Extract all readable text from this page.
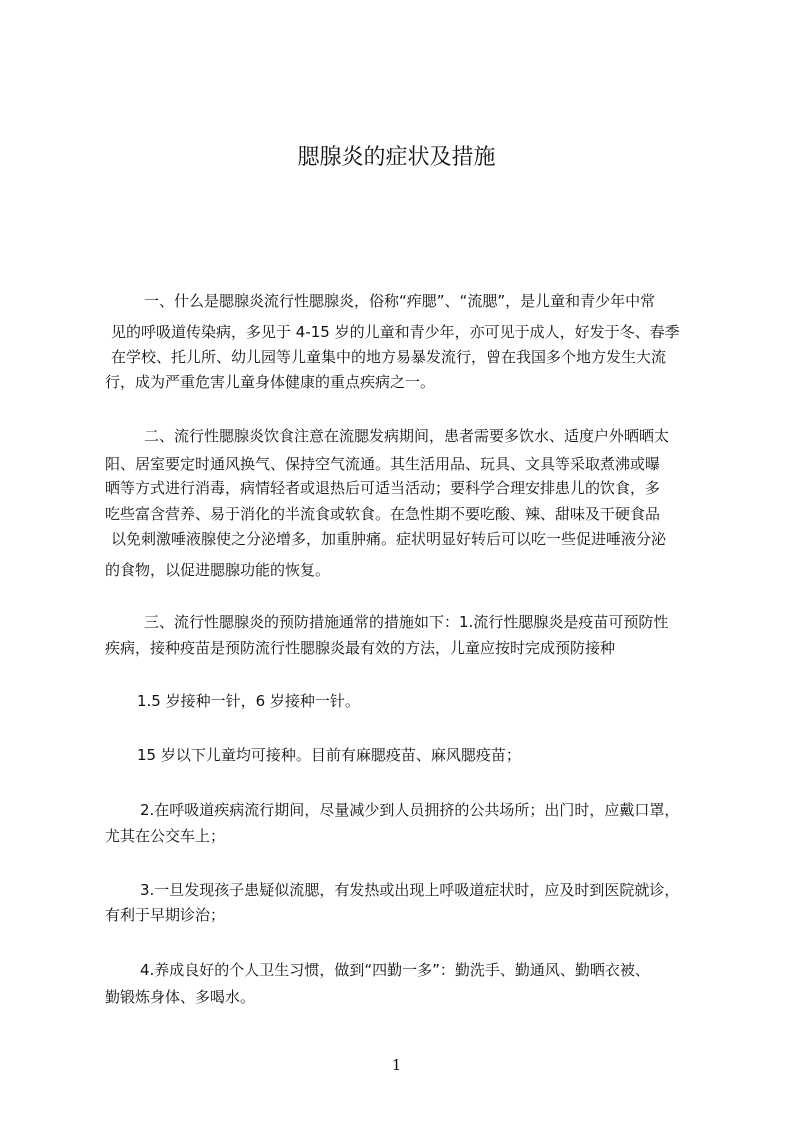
腮腺炎的症状及措施
一、什么是腮腺炎流行性腮腺炎，俗称“痄腮”、“流腮”，是儿童和青少年中常
见的呼吸道传染病，多见于 4-15 岁的儿童和青少年，亦可见于成人，好发于冬、春季
在学校、托儿所、幼儿园等儿童集中的地方易暴发流行，曾在我国多个地方发生大流
行，成为严重危害儿童身体健康的重点疾病之一。
二、流行性腮腺炎饮食注意在流腮发病期间，患者需要多饮水、适度户外晒晒太
阳、居室要定时通风换气、保持空气流通。其生活用品、玩具、文具等采取煮沸或曝
晒等方式进行消毒，病情轻者或退热后可适当活动；要科学合理安排患儿的饮食，多
吃些富含营养、易于消化的半流食或软食。在急性期不要吃酸、辣、甜味及干硬食品
以免刺激唾液腺使之分泌增多，加重肿痛。症状明显好转后可以吃一些促进唾液分泌
的食物，以促进腮腺功能的恢复。
三、流行性腮腺炎的预防措施通常的措施如下：1.流行性腮腺炎是疫苗可预防性
疾病，接种疫苗是预防流行性腮腺炎最有效的方法，儿童应按时完成预防接种
1.5 岁接种一针，6 岁接种一针。
15 岁以下儿童均可接种。目前有麻腮疫苗、麻风腮疫苗；
2.在呼吸道疾病流行期间，尽量减少到人员拥挤的公共场所；出门时，应戴口罩，
尤其在公交车上；
3.一旦发现孩子患疑似流腮，有发热或出现上呼吸道症状时，应及时到医院就诊，
有利于早期诊治；
4.养成良好的个人卫生习惯，做到“四勤一多”：勤洗手、勤通风、勤晒衣被、
勤锻炼身体、多喝水。
1
